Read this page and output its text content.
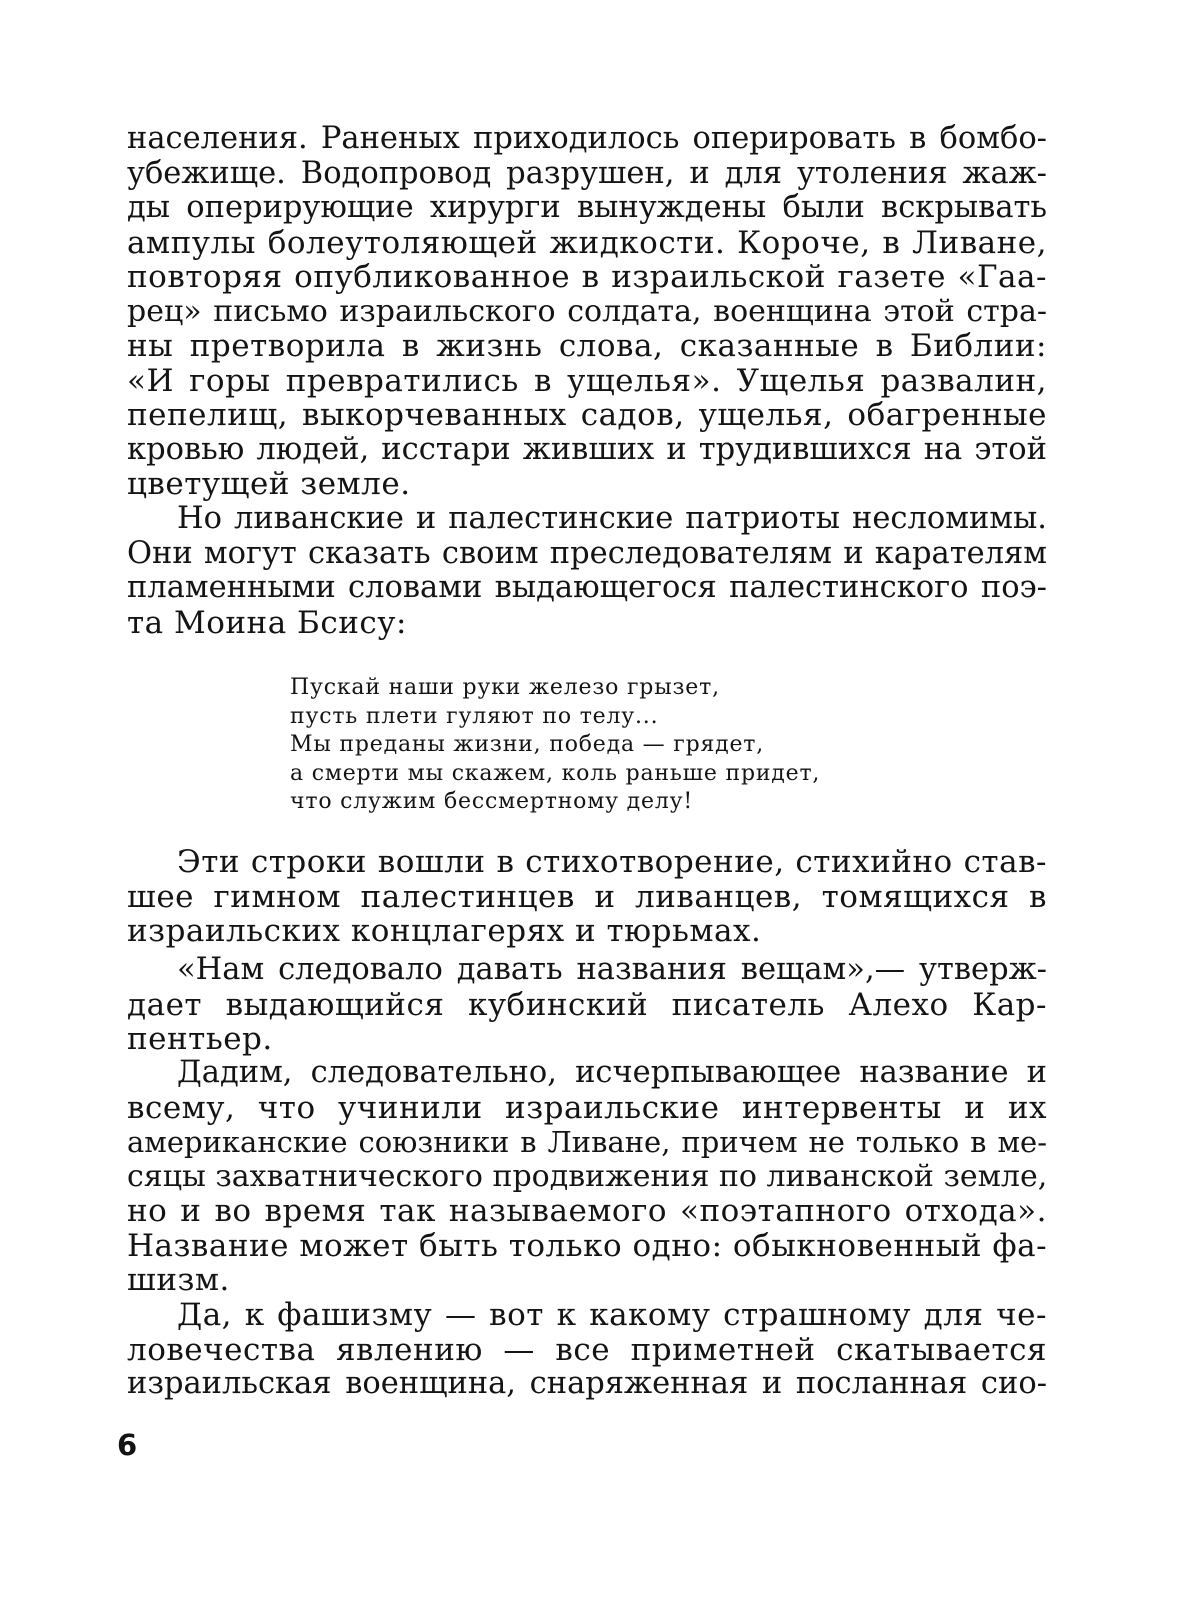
населения. Раненых приходилось оперировать в бомбо-
убежище. Водопровод разрушен, и для утоления жаж-
ды оперирующие хирурги вынуждены были вскрывать
ампулы болеутоляющей жидкости. Короче, в Ливане,
повторяя опубликованное в израильской газете «Гаа-
рец» письмо израильского солдата, военщина этой стра-
ны претворила в жизнь слова, сказанные в Библии:
«И горы превратились в ущелья». Ущелья развалин,
пепелищ, выкорчеванных садов, ущелья, обагренные
кровью людей, исстари живших и трудившихся на этой
цветущей земле.
Но ливанские и палестинские патриоты несломимы.
Они могут сказать своим преследователям и карателям
пламенными словами выдающегося палестинского поэ-
та Моина Бсису:
Пускай наши руки железо грызет,
пусть плети гуляют по телу...
Мы преданы жизни, победа — грядет,
а смерти мы скажем, коль раньше придет,
что служим бессмертному делу!
Эти строки вошли в стихотворение, стихийно став-
шее гимном палестинцев и ливанцев, томящихся в
израильских концлагерях и тюрьмах.
«Нам следовало давать названия вещам»,— утверж-
дает выдающийся кубинский писатель Алехо Кар-
пентьер.
Дадим, следовательно, исчерпывающее название и
всему, что учинили израильские интервенты и их
американские союзники в Ливане, причем не только в ме-
сяцы захватнического продвижения по ливанской земле,
но и во время так называемого «поэтапного отхода».
Название может быть только одно: обыкновенный фа-
шизм.
Да, к фашизму — вот к какому страшному для че-
ловечества явлению — все приметней скатывается
израильская военщина, снаряженная и посланная сио-
6
